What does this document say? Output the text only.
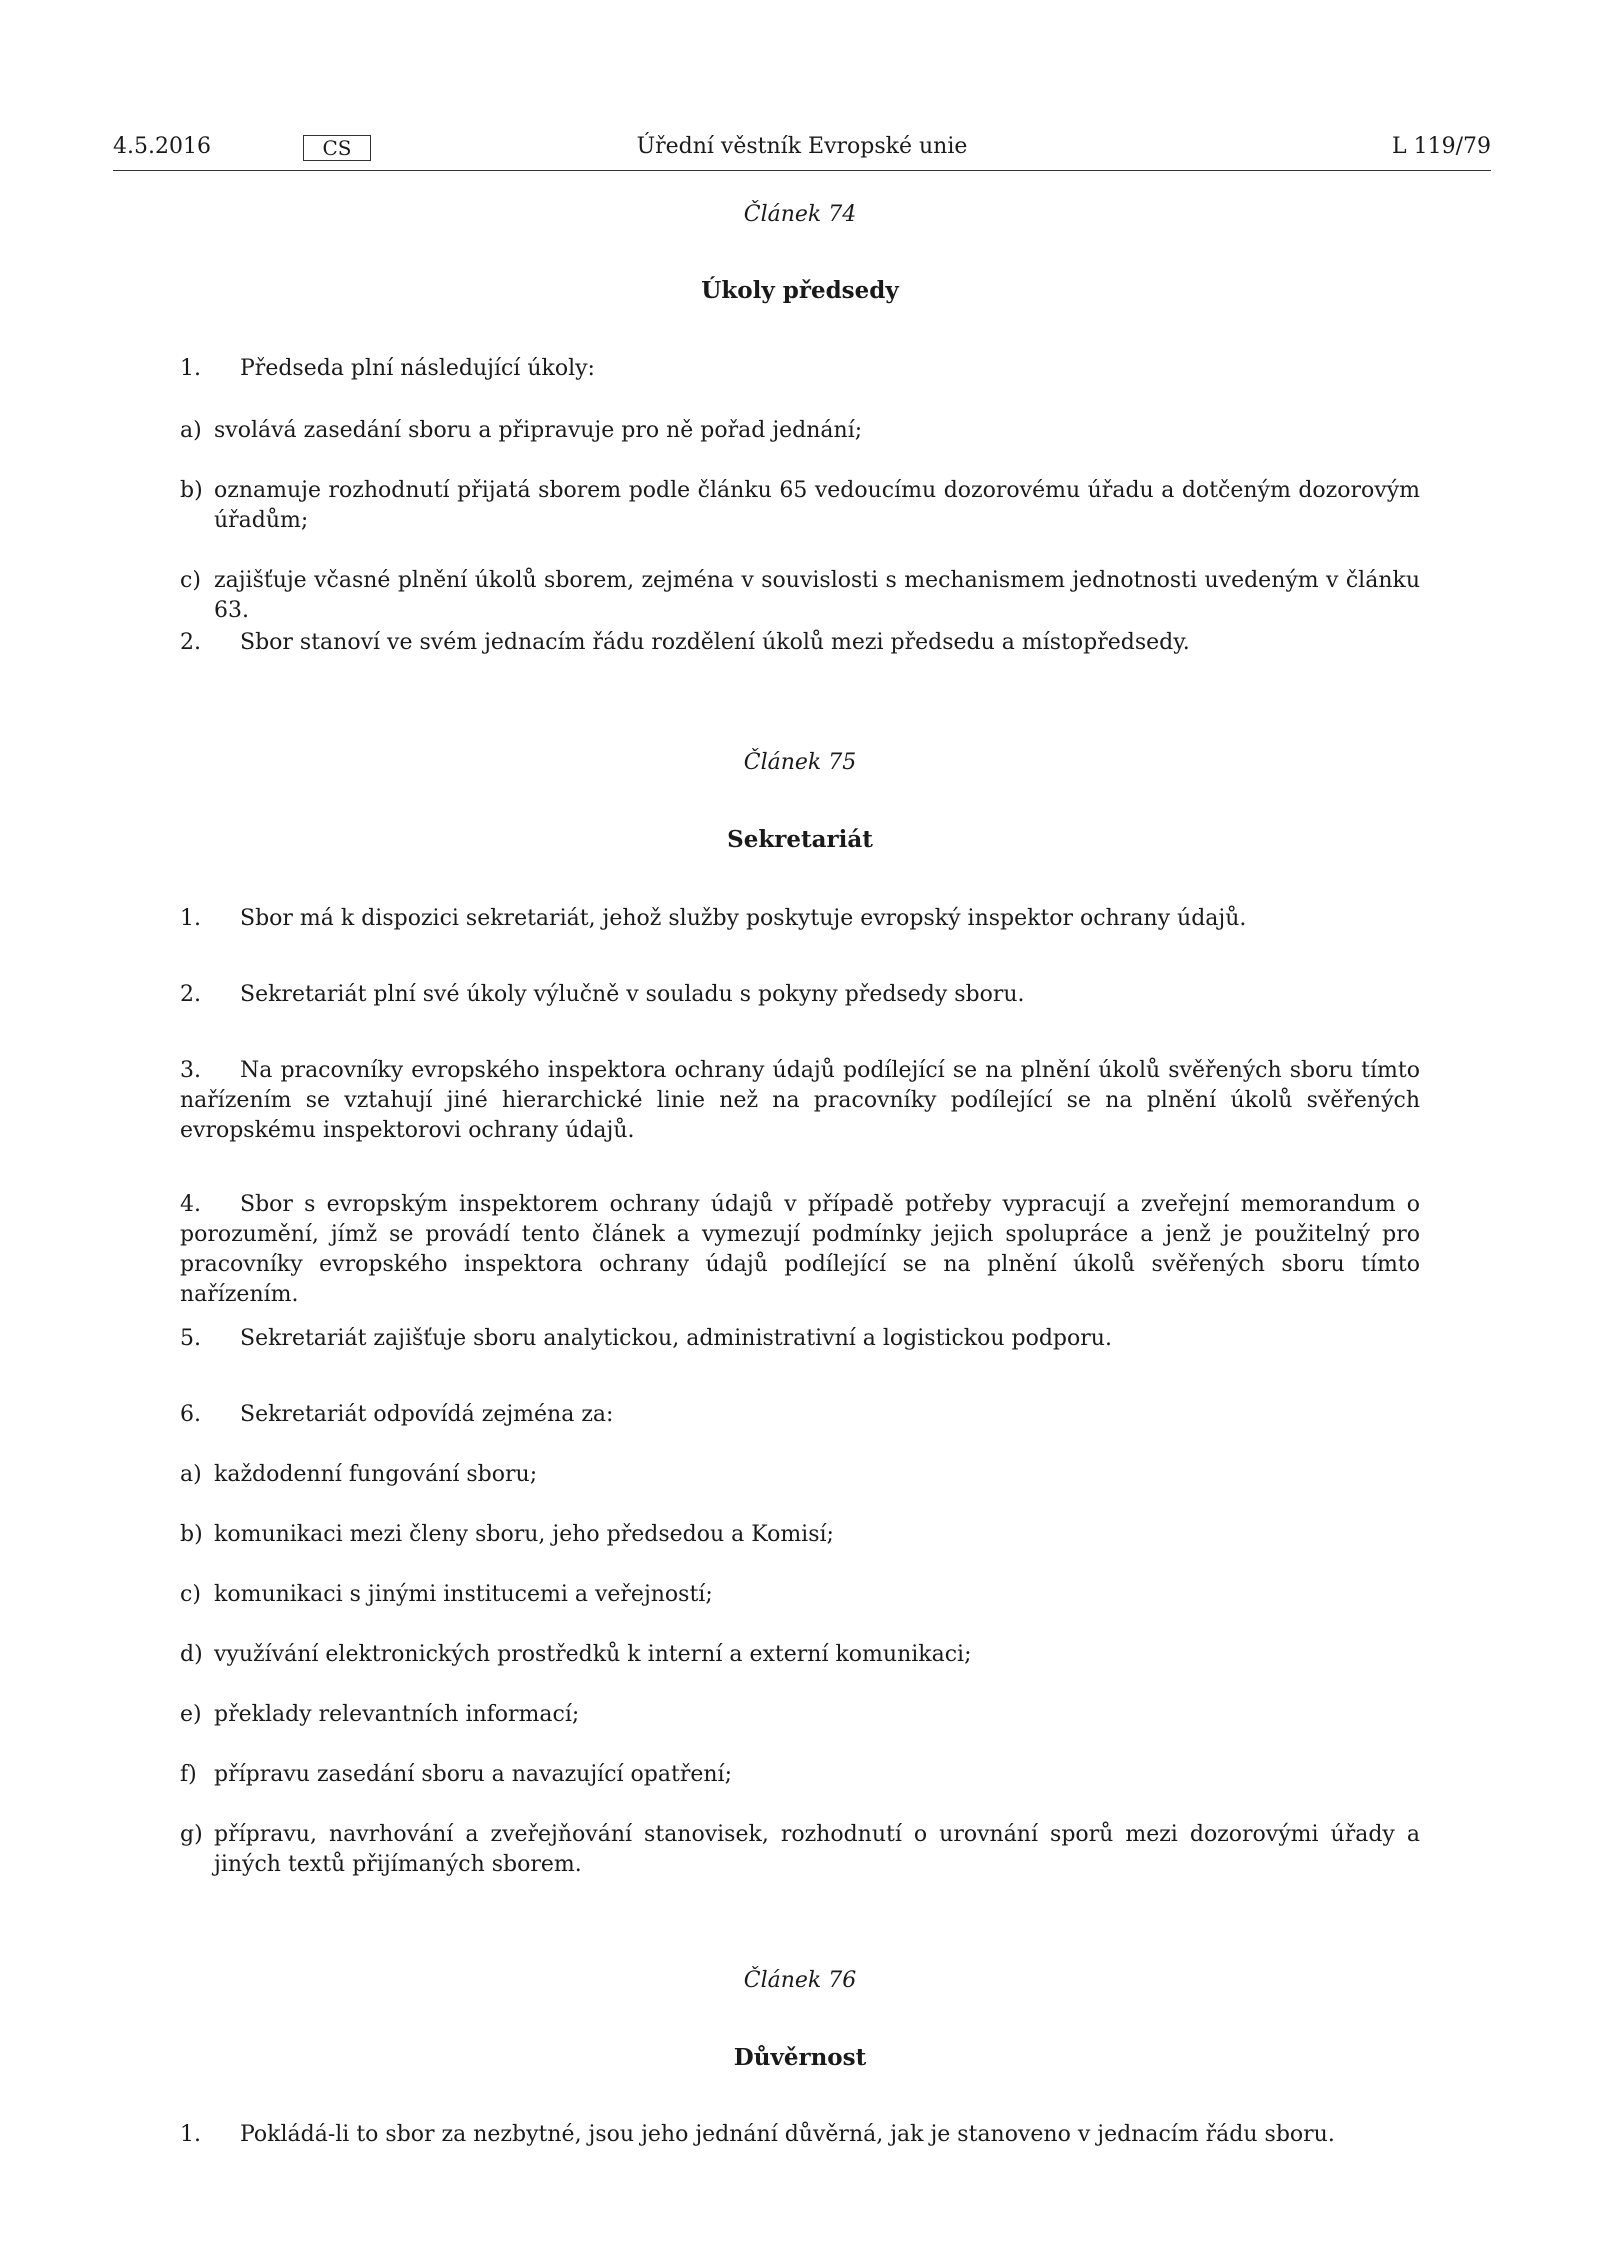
4.5.2016	CS	Úřední věstník Evropské unie	L 119/79
Článek 74
Úkoly předsedy
1. Předseda plní následující úkoly:
a) svolává zasedání sboru a připravuje pro ně pořad jednání;
b) oznamuje rozhodnutí přijatá sborem podle článku 65 vedoucímu dozorovému úřadu a dotčeným dozorovým úřadům;
c) zajišťuje včasné plnění úkolů sborem, zejména v souvislosti s mechanismem jednotnosti uvedeným v článku 63.
2. Sbor stanoví ve svém jednacím řádu rozdělení úkolů mezi předsedu a místopředsedy.
Článek 75
Sekretariát
1. Sbor má k dispozici sekretariát, jehož služby poskytuje evropský inspektor ochrany údajů.
2. Sekretariát plní své úkoly výlučně v souladu s pokyny předsedy sboru.
3. Na pracovníky evropského inspektora ochrany údajů podílející se na plnění úkolů svěřených sboru tímto nařízením se vztahují jiné hierarchické linie než na pracovníky podílející se na plnění úkolů svěřených evropskému inspektorovi ochrany údajů.
4. Sbor s evropským inspektorem ochrany údajů v případě potřeby vypracují a zveřejní memorandum o porozumění, jímž se provádí tento článek a vymezují podmínky jejich spolupráce a jenž je použitelný pro pracovníky evropského inspektora ochrany údajů podílející se na plnění úkolů svěřených sboru tímto nařízením.
5. Sekretariát zajišťuje sboru analytickou, administrativní a logistickou podporu.
6. Sekretariát odpovídá zejména za:
a) každodenní fungování sboru;
b) komunikaci mezi členy sboru, jeho předsedou a Komisí;
c) komunikaci s jinými institucemi a veřejností;
d) využívání elektronických prostředků k interní a externí komunikaci;
e) překlady relevantních informací;
f) přípravu zasedání sboru a navazující opatření;
g) přípravu, navrhování a zveřejňování stanovisek, rozhodnutí o urovnání sporů mezi dozorovými úřady a jiných textů přijímaných sborem.
Článek 76
Důvěrnost
1. Pokládá-li to sbor za nezbytné, jsou jeho jednání důvěrná, jak je stanoveno v jednacím řádu sboru.
